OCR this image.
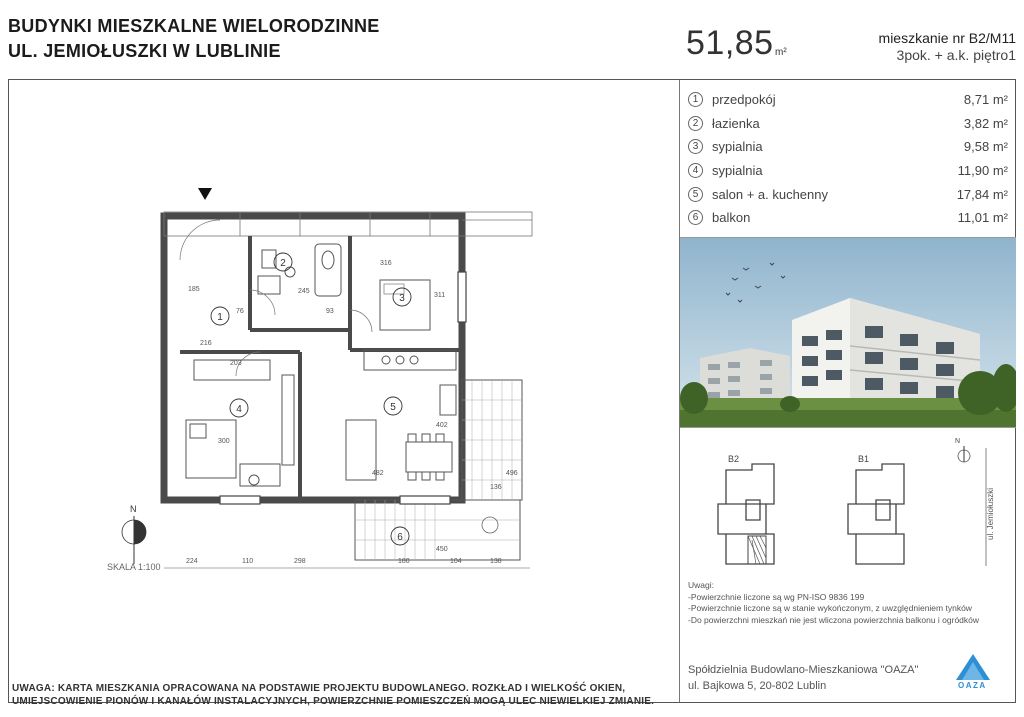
BUDYNKI MIESZKALNE WIELORODZINNE
UL. JEMIOŁUSZKI W LUBLINIE	51,85 m²
mieszkanie nr B2/M11
3pok. + a.k. piętro1
1	przedpokój	8,71 m²
2	łazienka	3,82 m²
3	sypialnia	9,58 m²
4	sypialnia	11,90 m²
5	salon + a. kuchenny	17,84 m²
6	balkon	11,01 m²
B2	B1
N
ul. Jemiołuszki
Uwagi:
-Powierzchnie liczone są wg PN-ISO 9836 199
-Powierzchnie liczone są w stanie wykończonym, z uwzględnieniem tynków
-Do powierzchni mieszkań nie jest wliczona powierzchnia balkonu i ogródków
Spółdzielnia Budowlano-Mieszkaniowa "OAZA"
ul. Bajkowa 5, 20-802 Lublin	OAZA
UWAGA: KARTA MIESZKANIA OPRACOWANA NA PODSTAWIE PROJEKTU BUDOWLANEGO. ROZKŁAD I WIELKOŚĆ OKIEN,
UMIEJSCOWIENIE PIONÓW I KANAŁÓW INSTALACYJNYCH, POWIERZCHNIE POMIESZCZEŃ MOGĄ ULEC NIEWIELKIEJ ZMIANIE.
1
2
3
4	5
6
224	110	298	180	104	138
185
216
203
300
316
311
245
76	93
402
482
450
136
496
N
SKALA 1:100
